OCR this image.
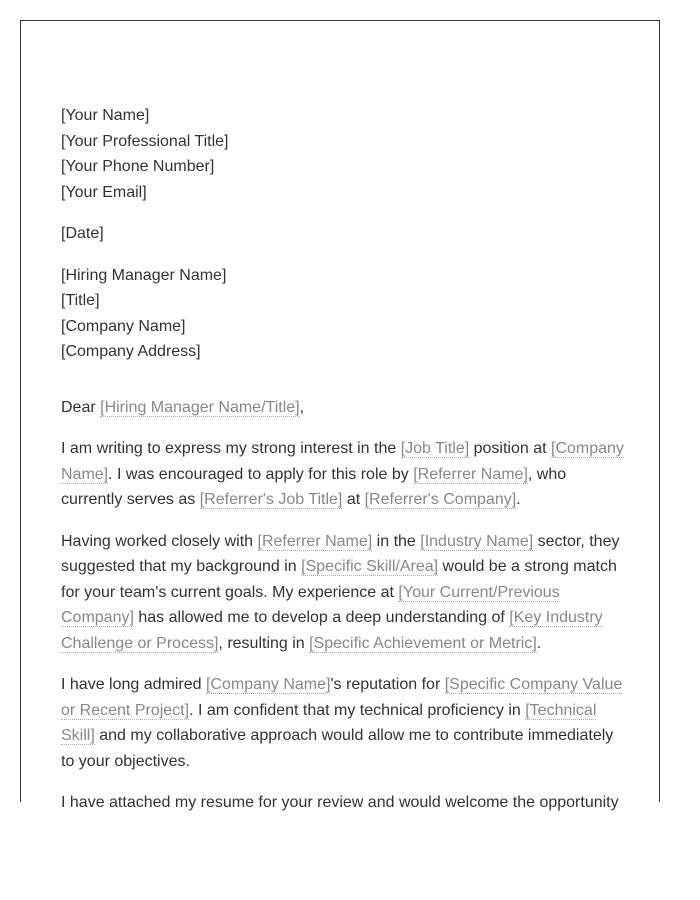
[Your Name]
[Your Professional Title]
[Your Phone Number]
[Your Email]
[Date]
[Hiring Manager Name]
[Title]
[Company Name]
[Company Address]

Dear [Hiring Manager Name/Title],

I am writing to express my strong interest in the [Job Title] position at [Company Name]. I was encouraged to apply for this role by [Referrer Name], who currently serves as [Referrer's Job Title] at [Referrer's Company].

Having worked closely with [Referrer Name] in the [Industry Name] sector, they suggested that my background in [Specific Skill/Area] would be a strong match for your team's current goals. My experience at [Your Current/Previous Company] has allowed me to develop a deep understanding of [Key Industry Challenge or Process], resulting in [Specific Achievement or Metric].

I have long admired [Company Name]'s reputation for [Specific Company Value or Recent Project]. I am confident that my technical proficiency in [Technical Skill] and my collaborative approach would allow me to contribute immediately to your objectives.

I have attached my resume for your review and would welcome the opportunity
